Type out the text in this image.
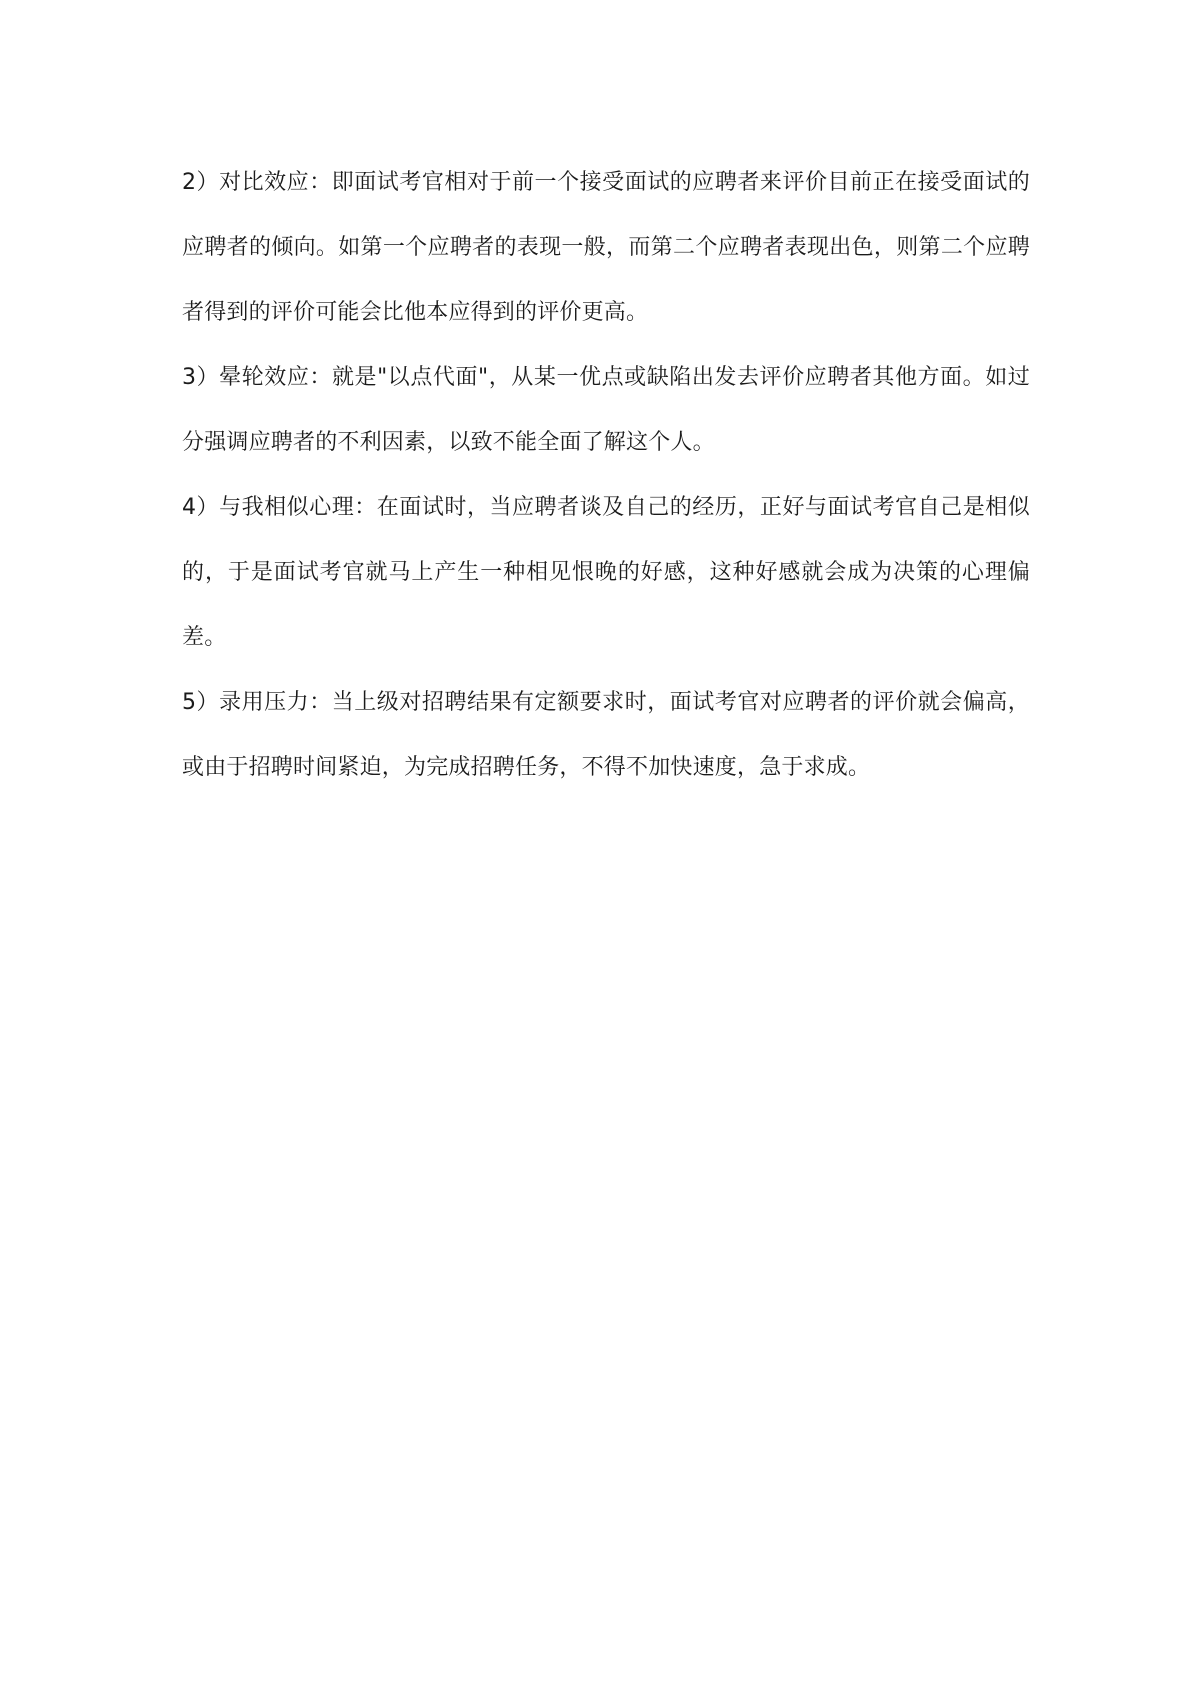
2）对比效应：即面试考官相对于前一个接受面试的应聘者来评价目前正在接受面试的应聘者的倾向。如第一个应聘者的表现一般，而第二个应聘者表现出色，则第二个应聘者得到的评价可能会比他本应得到的评价更高。

3）晕轮效应：就是"以点代面"，从某一优点或缺陷出发去评价应聘者其他方面。如过分强调应聘者的不利因素，以致不能全面了解这个人。

4）与我相似心理：在面试时，当应聘者谈及自己的经历，正好与面试考官自己是相似的，于是面试考官就马上产生一种相见恨晚的好感，这种好感就会成为决策的心理偏差。

5）录用压力：当上级对招聘结果有定额要求时，面试考官对应聘者的评价就会偏高，或由于招聘时间紧迫，为完成招聘任务，不得不加快速度，急于求成。
